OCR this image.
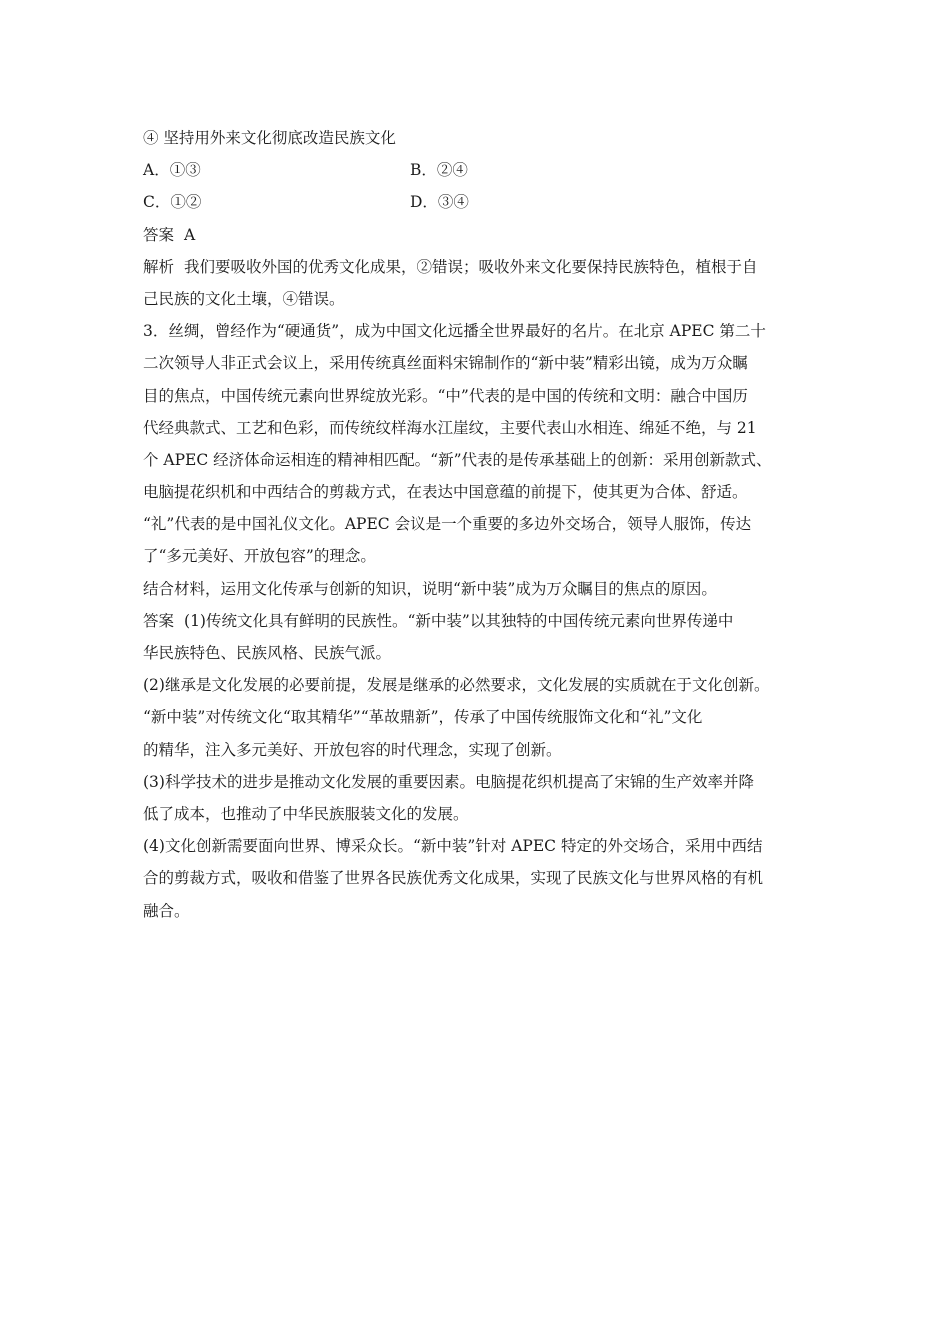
④ 坚持用外来文化彻底改造民族文化
A．①③	B．②④
C．①②	D．③④
答案 A
解析 我们要吸收外国的优秀文化成果，②错误；吸收外来文化要保持民族特色，植根于自
己民族的文化土壤，④错误。
3．丝绸，曾经作为“硬通货”，成为中国文化远播全世界最好的名片。在北京 APEC 第二十
二次领导人非正式会议上，采用传统真丝面料宋锦制作的“新中装”精彩出镜，成为万众瞩
目的焦点，中国传统元素向世界绽放光彩。“中”代表的是中国的传统和文明：融合中国历
代经典款式、工艺和色彩，而传统纹样海水江崖纹，主要代表山水相连、绵延不绝，与 21
个 APEC 经济体命运相连的精神相匹配。“新”代表的是传承基础上的创新：采用创新款式、
电脑提花织机和中西结合的剪裁方式，在表达中国意蕴的前提下，使其更为合体、舒适。
“礼”代表的是中国礼仪文化。APEC 会议是一个重要的多边外交场合，领导人服饰，传达
了“多元美好、开放包容”的理念。
结合材料，运用文化传承与创新的知识，说明“新中装”成为万众瞩目的焦点的原因。
答案 (1)传统文化具有鲜明的民族性。“新中装”以其独特的中国传统元素向世界传递中
华民族特色、民族风格、民族气派。
(2)继承是文化发展的必要前提，发展是继承的必然要求，文化发展的实质就在于文化创新。
“新中装”对传统文化“取其精华”“革故鼎新”，传承了中国传统服饰文化和“礼”文化
的精华，注入多元美好、开放包容的时代理念，实现了创新。
(3)科学技术的进步是推动文化发展的重要因素。电脑提花织机提高了宋锦的生产效率并降
低了成本，也推动了中华民族服装文化的发展。
(4)文化创新需要面向世界、博采众长。“新中装”针对 APEC 特定的外交场合，采用中西结
合的剪裁方式，吸收和借鉴了世界各民族优秀文化成果，实现了民族文化与世界风格的有机
融合。
